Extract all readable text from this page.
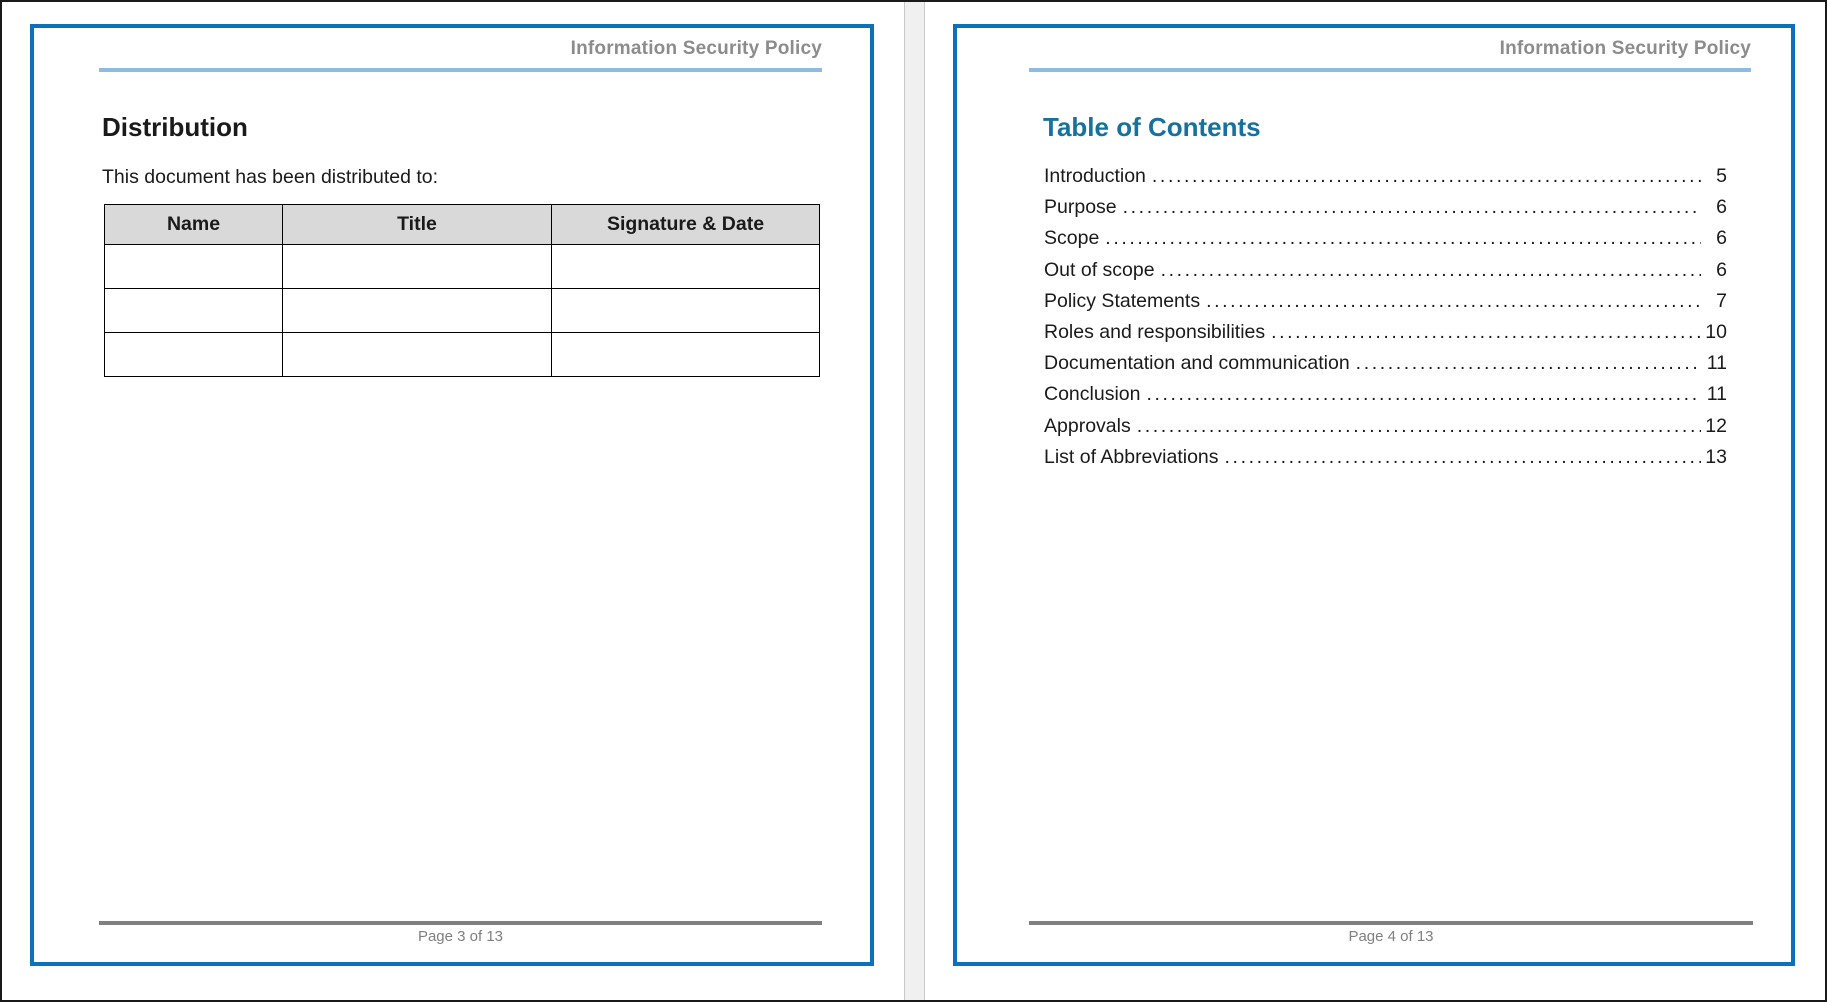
Information Security Policy
Distribution

This document has been distributed to:

Name	Title	Signature & Date

Page 3 of 13
Information Security Policy
Table of Contents
Introduction .....	5
Purpose .....	6
Scope .....	6
Out of scope .....	6
Policy Statements .....	7
Roles and responsibilities .....	10
Documentation and communication .....	11
Conclusion .....	11
Approvals .....	12
List of Abbreviations .....	13
Page 4 of 13
